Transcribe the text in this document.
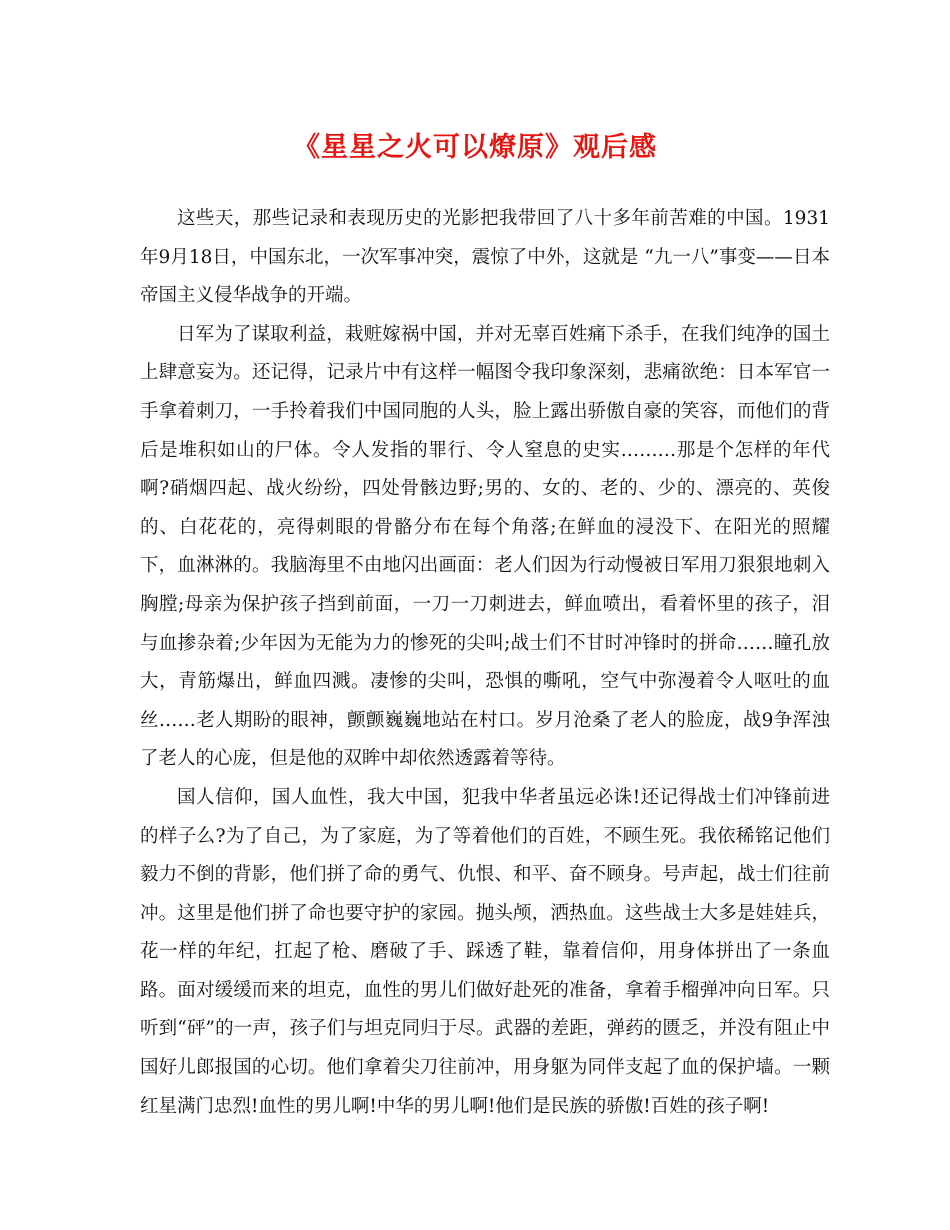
《星星之火可以燎原》观后感

这些天，那些记录和表现历史的光影把我带回了八十多年前苦难的中国。1931年9月18日，中国东北，一次军事冲突，震惊了中外，这就是 “九一八”事变——日本帝国主义侵华战争的开端。

日军为了谋取利益，栽赃嫁祸中国，并对无辜百姓痛下杀手，在我们纯净的国土上肆意妄为。还记得，记录片中有这样一幅图令我印象深刻，悲痛欲绝：日本军官一手拿着刺刀，一手拎着我们中国同胞的人头，脸上露出骄傲自豪的笑容，而他们的背后是堆积如山的尸体。令人发指的罪行、令人窒息的史实………那是个怎样的年代啊?硝烟四起、战火纷纷，四处骨骸边野;男的、女的、老的、少的、漂亮的、英俊的、白花花的，亮得刺眼的骨骼分布在每个角落;在鲜血的浸没下、在阳光的照耀下，血淋淋的。我脑海里不由地闪出画面：老人们因为行动慢被日军用刀狠狠地刺入胸膛;母亲为保护孩子挡到前面，一刀一刀刺进去，鲜血喷出，看着怀里的孩子，泪与血掺杂着;少年因为无能为力的惨死的尖叫;战士们不甘时冲锋时的拼命……瞳孔放大，青筋爆出，鲜血四溅。凄惨的尖叫，恐惧的嘶吼，空气中弥漫着令人呕吐的血丝……老人期盼的眼神，颤颤巍巍地站在村口。岁月沧桑了老人的脸庞，战9争浑浊了老人的心庞，但是他的双眸中却依然透露着等待。

国人信仰，国人血性，我大中国，犯我中华者虽远必诛!还记得战士们冲锋前进的样子么?为了自己，为了家庭，为了等着他们的百姓，不顾生死。我依稀铭记他们毅力不倒的背影，他们拼了命的勇气、仇恨、和平、奋不顾身。号声起，战士们往前冲。这里是他们拼了命也要守护的家园。抛头颅，洒热血。这些战士大多是娃娃兵，花一样的年纪，扛起了枪、磨破了手、踩透了鞋，靠着信仰，用身体拼出了一条血路。面对缓缓而来的坦克，血性的男儿们做好赴死的准备，拿着手榴弹冲向日军。只听到“砰”的一声，孩子们与坦克同归于尽。武器的差距，弹药的匮乏，并没有阻止中国好儿郎报国的心切。他们拿着尖刀往前冲，用身躯为同伴支起了血的保护墙。一颗红星满门忠烈!血性的男儿啊!中华的男儿啊!他们是民族的骄傲!百姓的孩子啊!
